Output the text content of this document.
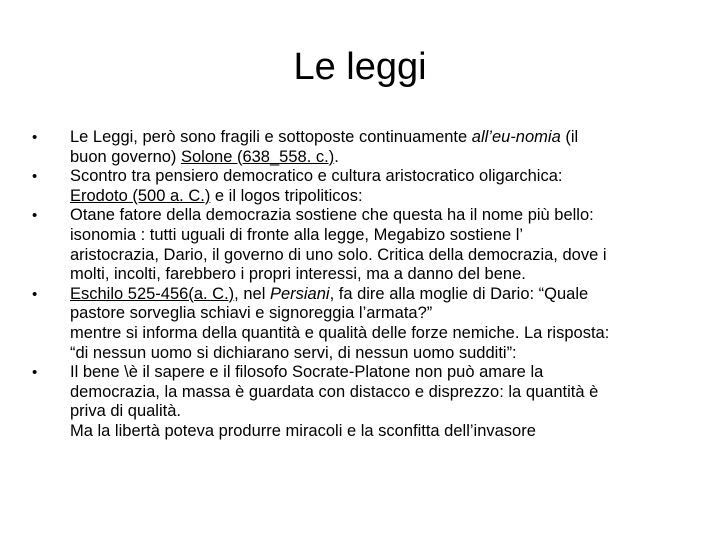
Le leggi
•	Le Leggi, però sono fragili e sottoposte continuamente all’eu-nomia (il
buon governo) Solone (638_558. c.).
•	Scontro tra pensiero democratico e cultura aristocratico oligarchica:
Erodoto (500 a. C.) e il logos tripoliticos:
•	Otane fatore della democrazia sostiene che questa ha il nome più bello:
isonomia : tutti uguali di fronte alla legge, Megabizo sostiene l’
aristocrazia, Dario, il governo di uno solo. Critica della democrazia, dove i
molti, incolti, farebbero i propri interessi, ma a danno del bene.
•	Eschilo 525-456(a. C.), nel Persiani, fa dire alla moglie di Dario: “Quale
pastore sorveglia schiavi e signoreggia l’armata?”
mentre si informa della quantità e qualità delle forze nemiche. La risposta:
“di nessun uomo si dichiarano servi, di nessun uomo sudditi”:
•	Il bene \è il sapere e il filosofo Socrate-Platone non può amare la
democrazia, la massa è guardata con distacco e disprezzo: la quantità è
priva di qualità.
Ma la libertà poteva produrre miracoli e la sconfitta dell’invasore
